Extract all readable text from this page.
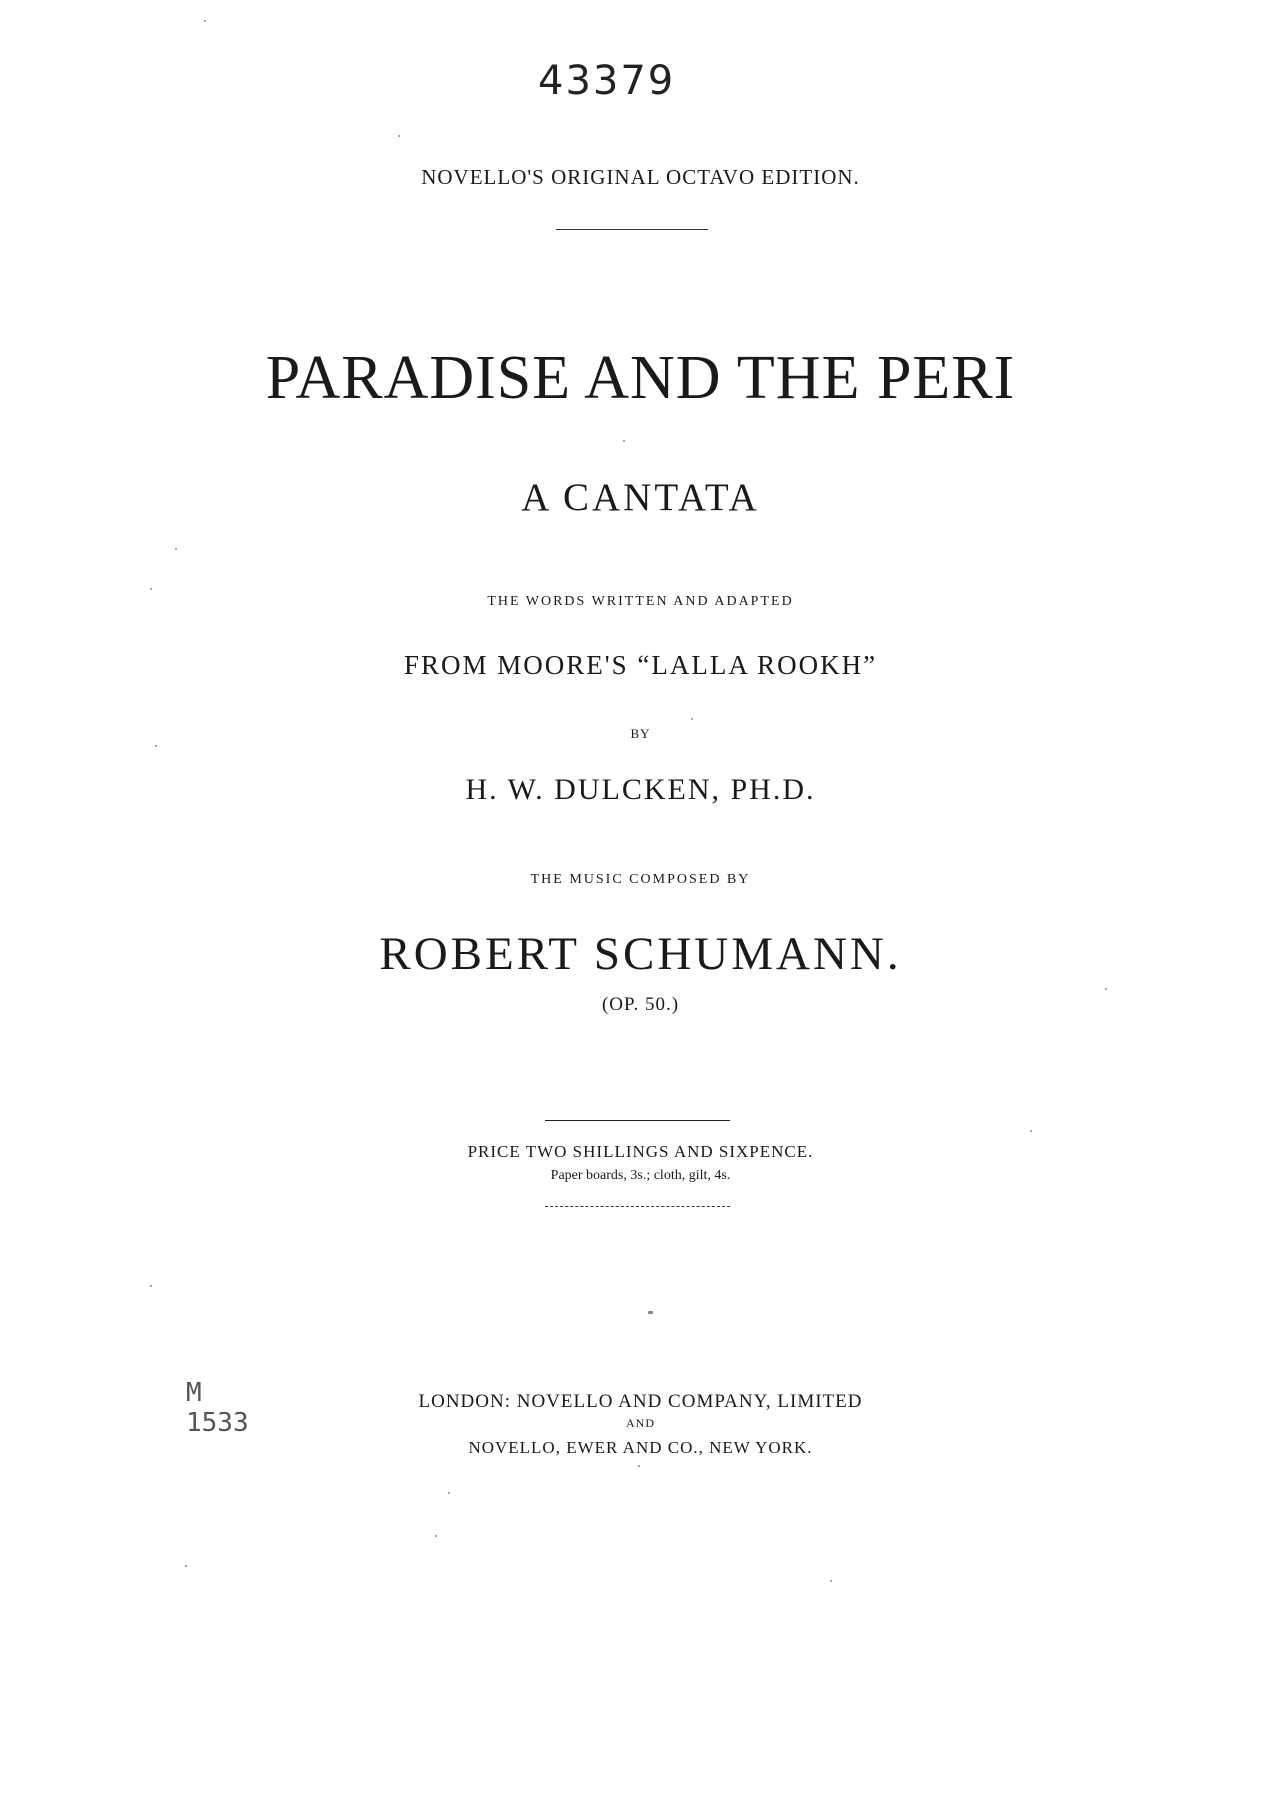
43379
NOVELLO'S ORIGINAL OCTAVO EDITION.
PARADISE AND THE PERI
A CANTATA
THE WORDS WRITTEN AND ADAPTED
FROM MOORE'S “LALLA ROOKH”
BY
H. W. DULCKEN, PH.D.
THE MUSIC COMPOSED BY
ROBERT SCHUMANN.
(OP. 50.)
PRICE TWO SHILLINGS AND SIXPENCE.
Paper boards, 3s.; cloth, gilt, 4s.
LONDON: NOVELLO AND COMPANY, LIMITED
AND
NOVELLO, EWER AND CO., NEW YORK.
M
1533
